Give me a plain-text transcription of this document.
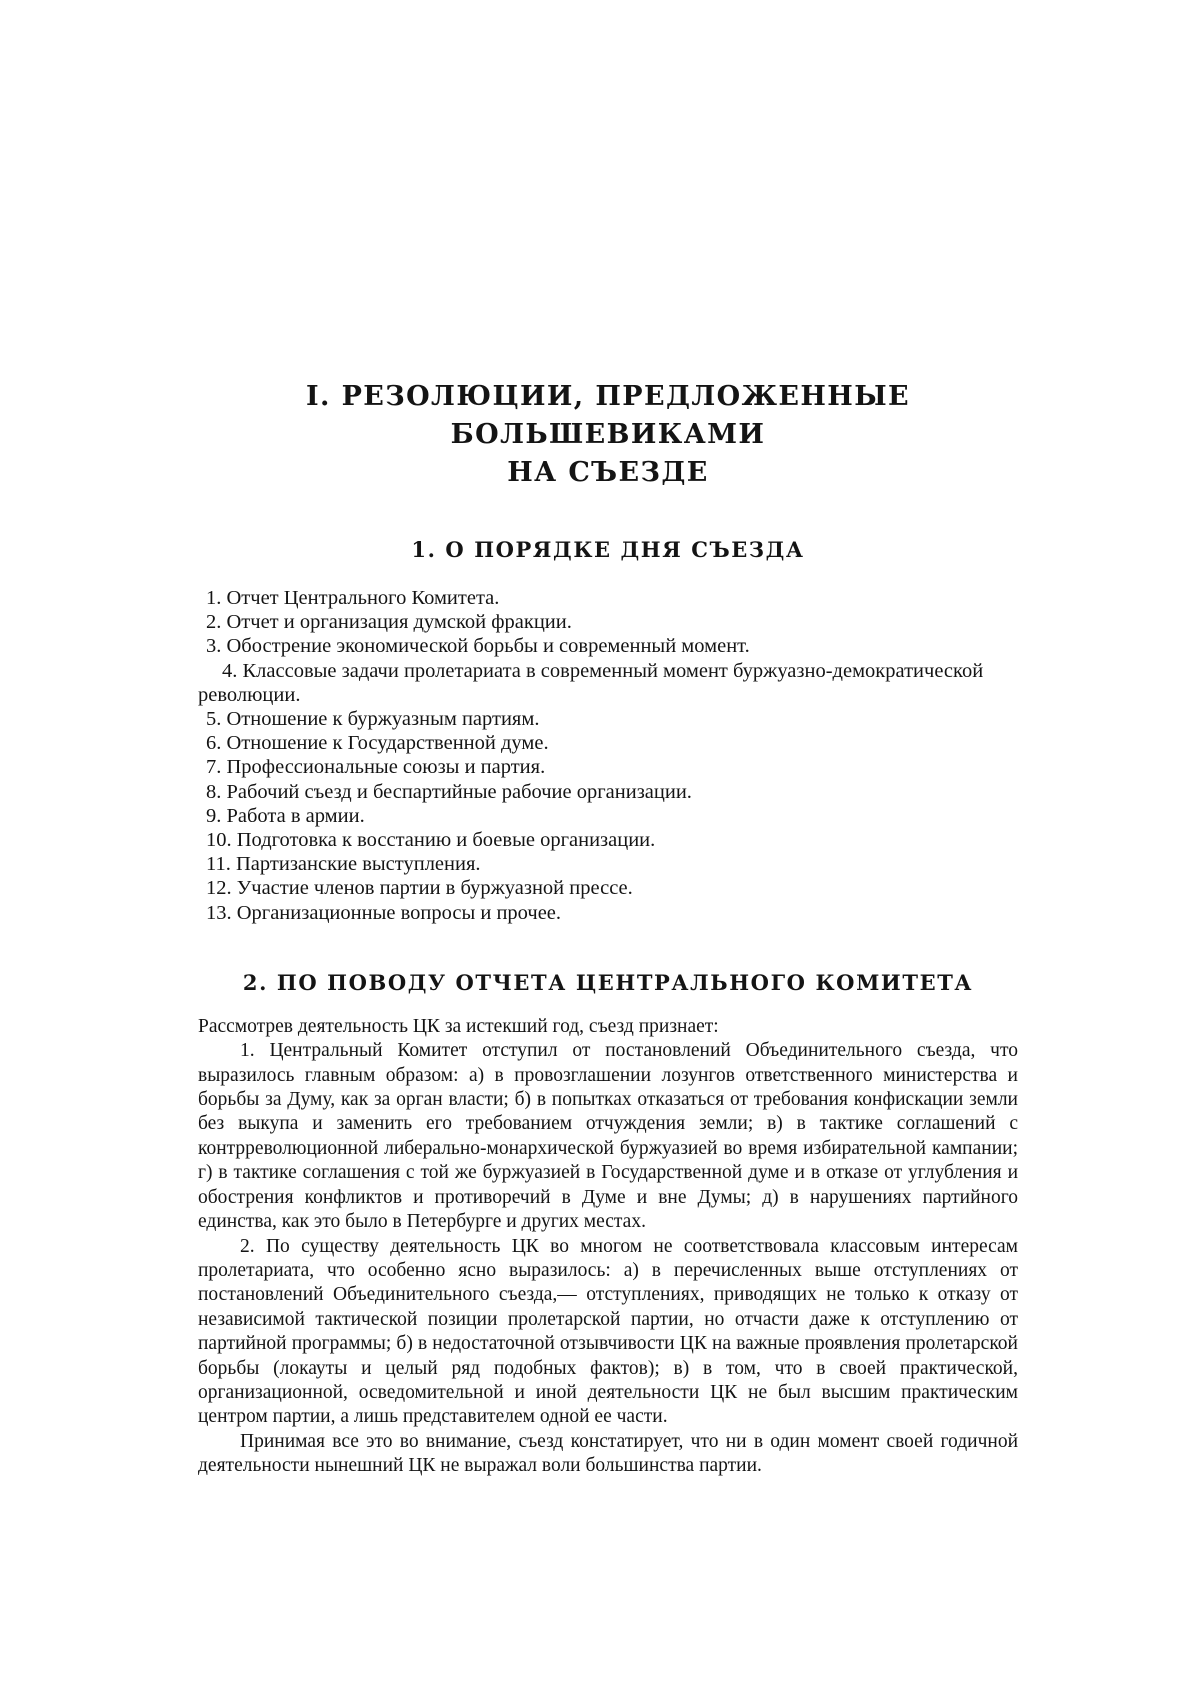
I. РЕЗОЛЮЦИИ, ПРЕДЛОЖЕННЫЕ БОЛЬШЕВИКАМИ
НА СЪЕЗДЕ
1. О ПОРЯДКЕ ДНЯ СЪЕЗДА
1. Отчет Центрального Комитета.
2. Отчет и организация думской фракции.
3. Обострение экономической борьбы и современный момент.
4. Классовые задачи пролетариата в современный момент буржуазно-демократической революции.
5. Отношение к буржуазным партиям.
6. Отношение к Государственной думе.
7. Профессиональные союзы и партия.
8. Рабочий съезд и беспартийные рабочие организации.
9. Работа в армии.
10. Подготовка к восстанию и боевые организации.
11. Партизанские выступления.
12. Участие членов партии в буржуазной прессе.
13. Организационные вопросы и прочее.
2. ПО ПОВОДУ ОТЧЕТА ЦЕНТРАЛЬНОГО КОМИТЕТА

Рассмотрев деятельность ЦК за истекший год, съезд признает:

1. Центральный Комитет отступил от постановлений Объединительного съезда, что выразилось главным образом: а) в провозглашении лозунгов ответственного министерства и борьбы за Думу, как за орган власти; б) в попытках отказаться от требования конфискации земли без выкупа и заменить его требованием отчуждения земли; в) в тактике соглашений с контрреволюционной либерально-монархической буржуазией во время избирательной кампании; г) в тактике соглашения с той же буржуазией в Государственной думе и в отказе от углубления и обострения конфликтов и противоречий в Думе и вне Думы; д) в нарушениях партийного единства, как это было в Петербурге и других местах.

2. По существу деятельность ЦК во многом не соответствовала классовым интересам пролетариата, что особенно ясно выразилось: а) в перечисленных выше отступлениях от постановлений Объединительного съезда,— отступлениях, приводящих не только к отказу от независимой тактической позиции пролетарской партии, но отчасти даже к отступлению от партийной программы; б) в недостаточной отзывчивости ЦК на важные проявления пролетарской борьбы (локауты и целый ряд подобных фактов); в) в том, что в своей практической, организационной, осведомительной и иной деятельности ЦК не был высшим практическим центром партии, а лишь представителем одной ее части.

Принимая все это во внимание, съезд констатирует, что ни в один момент своей годичной деятельности нынешний ЦК не выражал воли большинства партии.
